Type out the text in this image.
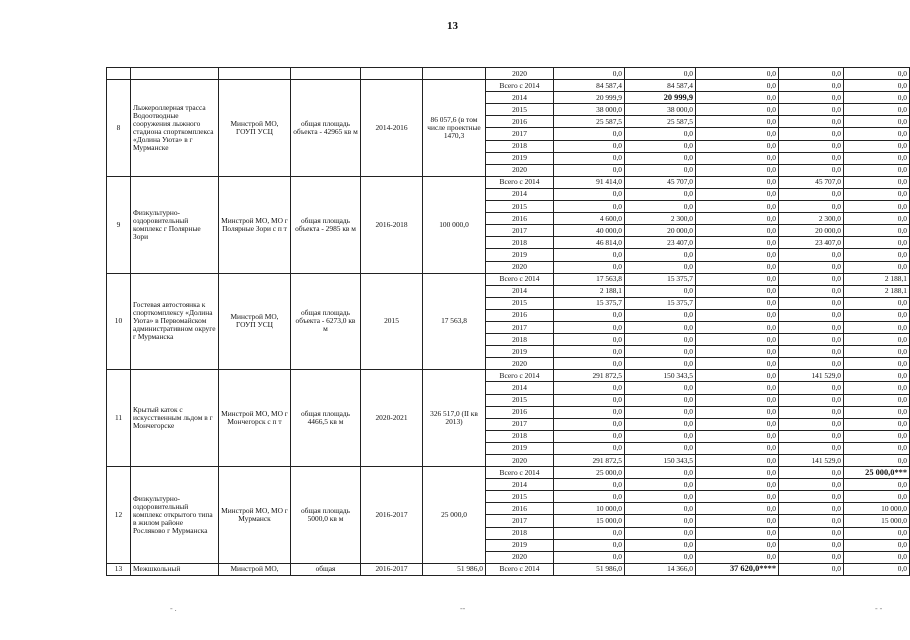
13
						2020	0,0	0,0	0,0	0,0	0,0
8	Лыжероллерная трасса Водоотводные сооружения лыжного стадиона спорткомплекса «Долина Уюта» в г Мурманске	Минстрой МО, ГОУП УСЦ	общая площадь объекта - 42965 кв м	2014-2016	86 057,6 (в том числе проектные 1470,3	Всего с 2014	84 587,4	84 587,4	0,0	0,0	0,0
						2014	20 999,9	20 999,9	0,0	0,0	0,0
						2015	38 000,0	38 000,0	0,0	0,0	0,0
						2016	25 587,5	25 587,5	0,0	0,0	0,0
						2017	0,0	0,0	0,0	0,0	0,0
						2018	0,0	0,0	0,0	0,0	0,0
						2019	0,0	0,0	0,0	0,0	0,0
						2020	0,0	0,0	0,0	0,0	0,0
9	Физкультурно-оздоровительный комплекс г Полярные Зори	Минстрой МО, МО г Полярные Зори с п т	общая площадь объекта - 2985 кв м	2016-2018	100 000,0	Всего с 2014	91 414,0	45 707,0	0,0	45 707,0	0,0
						2014	0,0	0,0	0,0	0,0	0,0
						2015	0,0	0,0	0,0	0,0	0,0
						2016	4 600,0	2 300,0	0,0	2 300,0	0,0
						2017	40 000,0	20 000,0	0,0	20 000,0	0,0
						2018	46 814,0	23 407,0	0,0	23 407,0	0,0
						2019	0,0	0,0	0,0	0,0	0,0
						2020	0,0	0,0	0,0	0,0	0,0
10	Гостевая автостоянка к спорткомплексу «Долина Уюта» в Первомайском административном округе г Мурманска	Минстрой МО, ГОУП УСЦ	общая площадь объекта - 6273,0 кв м	2015	17 563,8	Всего с 2014	17 563,8	15 375,7	0,0	0,0	2 188,1
						2014	2 188,1	0,0	0,0	0,0	2 188,1
						2015	15 375,7	15 375,7	0,0	0,0	0,0
						2016	0,0	0,0	0,0	0,0	0,0
						2017	0,0	0,0	0,0	0,0	0,0
						2018	0,0	0,0	0,0	0,0	0,0
						2019	0,0	0,0	0,0	0,0	0,0
						2020	0,0	0,0	0,0	0,0	0,0
11	Крытый каток с искусственным льдом в г Мончегорске	Минстрой МО, МО г Мончегорск с п т	общая площадь 4466,5 кв м	2020-2021	326 517,0 (II кв 2013)	Всего с 2014	291 872,5	150 343,5	0,0	141 529,0	0,0
						2014	0,0	0,0	0,0	0,0	0,0
						2015	0,0	0,0	0,0	0,0	0,0
						2016	0,0	0,0	0,0	0,0	0,0
						2017	0,0	0,0	0,0	0,0	0,0
						2018	0,0	0,0	0,0	0,0	0,0
						2019	0,0	0,0	0,0	0,0	0,0
						2020	291 872,5	150 343,5	0,0	141 529,0	0,0
12	Физкультурно-оздоровительный комплекс открытого типа в жилом районе Росляково г Мурманска	Минстрой МО, МО г Мурманск	общая площадь 5000,0 кв м	2016-2017	25 000,0	Всего с 2014	25 000,0	0,0	0,0	0,0	25 000,0***
						2014	0,0	0,0	0,0	0,0	0,0
						2015	0,0	0,0	0,0	0,0	0,0
						2016	10 000,0	0,0	0,0	0,0	10 000,0
						2017	15 000,0	0,0	0,0	0,0	15 000,0
						2018	0,0	0,0	0,0	0,0	0,0
						2019	0,0	0,0	0,0	0,0	0,0
						2020	0,0	0,0	0,0	0,0	0,0
13	Межшкольный	Минстрой МО,	общая	2016-2017	51 986,0	Всего с 2014	51 986,0	14 366,0	37 620,0****	0,0	0,0
- .	--	- -
